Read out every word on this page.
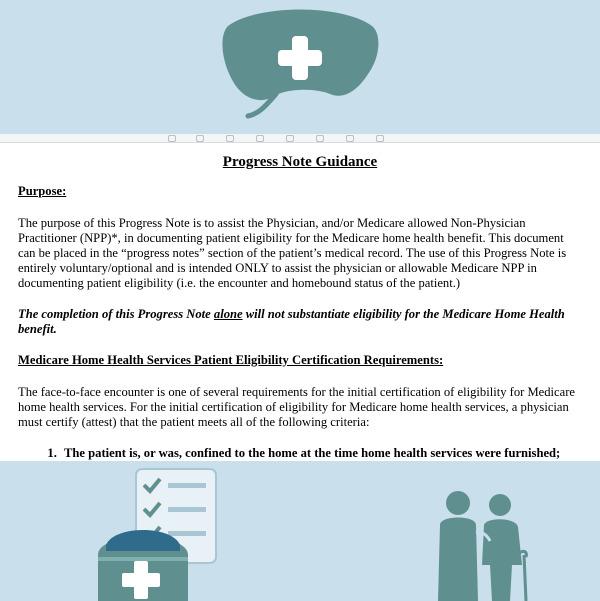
Progress Note Guidance
Purpose:

The purpose of this Progress Note is to assist the Physician, and/or Medicare allowed Non-Physician Practitioner (NPP)*, in documenting patient eligibility for the Medicare home health benefit. This document can be placed in the “progress notes” section of the patient’s medical record. The use of this Progress Note is entirely voluntary/optional and is intended ONLY to assist the physician or allowable Medicare NPP in documenting patient eligibility (i.e. the encounter and homebound status of the patient.)

The completion of this Progress Note alone will not substantiate eligibility for the Medicare Home Health benefit.

Medicare Home Health Services Patient Eligibility Certification Requirements:

The face-to-face encounter is one of several requirements for the initial certification of eligibility for Medicare home health services. For the initial certification of eligibility for Medicare home health services, a physician must certify (attest) that the patient meets all of the following criteria:

1. The patient is, or was, confined to the home at the time home health services were furnished;
2.
